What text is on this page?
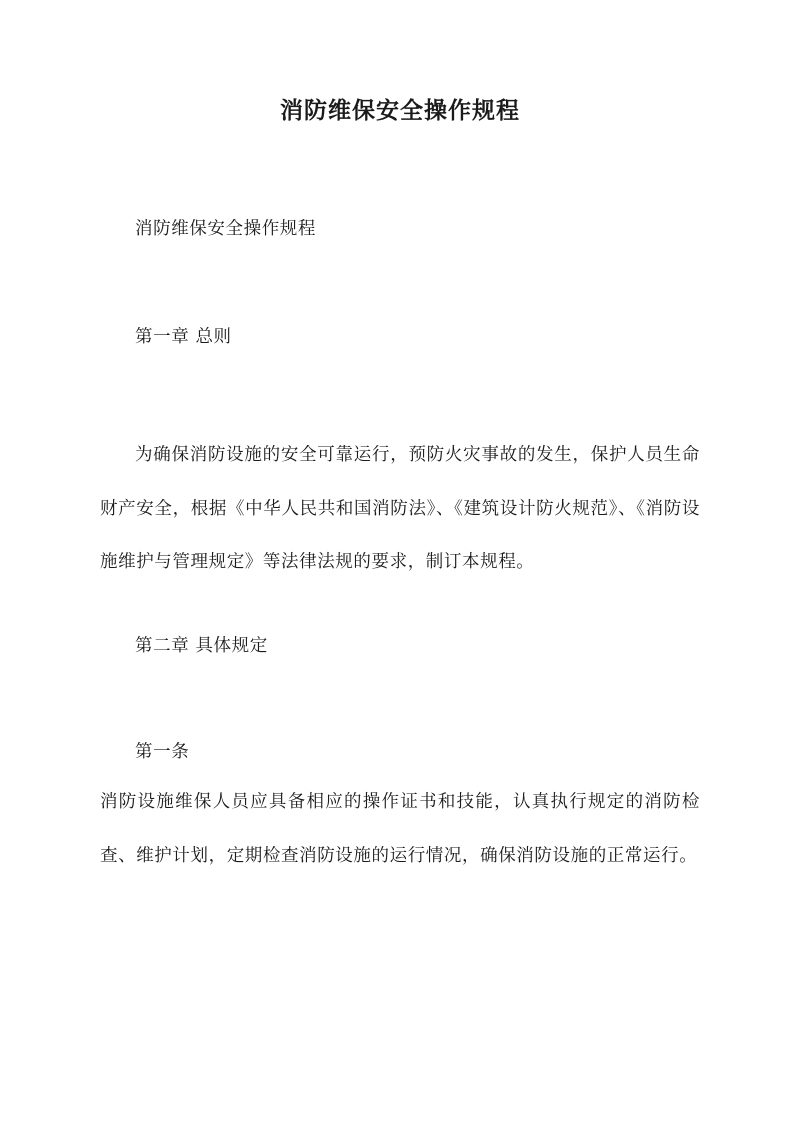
消防维保安全操作规程
消防维保安全操作规程
第一章 总则
为确保消防设施的安全可靠运行，预防火灾事故的发生，保护人员生命财产安全，根据《中华人民共和国消防法》、《建筑设计防火规范》、《消防设施维护与管理规定》等法律法规的要求，制订本规程。
第二章 具体规定
第一条
消防设施维保人员应具备相应的操作证书和技能，认真执行规定的消防检查、维护计划，定期检查消防设施的运行情况，确保消防设施的正常运行。
